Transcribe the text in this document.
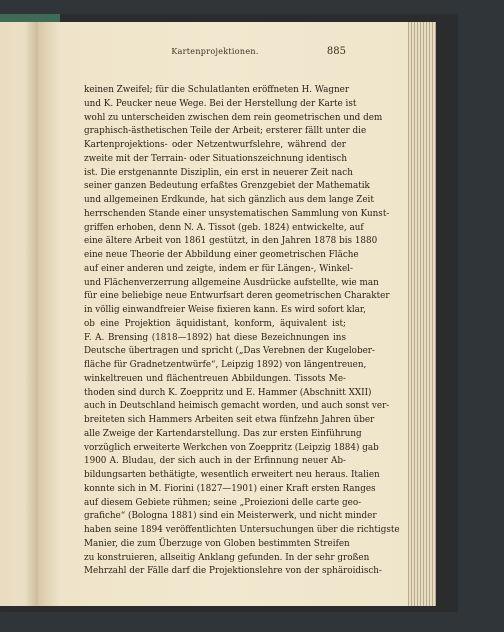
Kartenprojektionen.	885
keinen Zweifel; für die Schulatlanten eröffneten H. Wagner
und K. Peucker neue Wege. Bei der Herstellung der Karte ist
wohl zu unterscheiden zwischen dem rein geometrischen und dem
graphisch-ästhetischen Teile der Arbeit; ersterer fällt unter die
Kartenprojektions- oder Netzentwurfslehre, während der
zweite mit der Terrain- oder Situationszeichnung identisch
ist. Die erstgenannte Disziplin, ein erst in neuerer Zeit nach
seiner ganzen Bedeutung erfaßtes Grenzgebiet der Mathematik
und allgemeinen Erdkunde, hat sich gänzlich aus dem lange Zeit
herrschenden Stande einer unsystematischen Sammlung von Kunst-
griffen erhoben, denn N. A. Tissot (geb. 1824) entwickelte, auf
eine ältere Arbeit von 1861 gestützt, in den Jahren 1878 bis 1880
eine neue Theorie der Abbildung einer geometrischen Fläche
auf einer anderen und zeigte, indem er für Längen-, Winkel-
und Flächenverzerrung allgemeine Ausdrücke aufstellte, wie man
für eine beliebige neue Entwurfsart deren geometrischen Charakter
in völlig einwandfreier Weise fixieren kann. Es wird sofort klar,
ob eine Projektion äquidistant, konform, äquivalent ist;
F. A. Brensing (1818—1892) hat diese Bezeichnungen ins
Deutsche übertragen und spricht („Das Verebnen der Kugelober-
fläche für Gradnetzentwürfe“, Leipzig 1892) von längentreuen,
winkeltreuen und flächentreuen Abbildungen. Tissots Me-
thoden sind durch K. Zoeppritz und E. Hammer (Abschnitt XXII)
auch in Deutschland heimisch gemacht worden, und auch sonst ver-
breiteten sich Hammers Arbeiten seit etwa fünfzehn Jahren über
alle Zweige der Kartendarstellung. Das zur ersten Einführung
vorzüglich erweiterte Werkchen von Zoeppritz (Leipzig 1884) gab
1900 A. Bludau, der sich auch in der Erfinnung neuer Ab-
bildungsarten bethätigte, wesentlich erweitert neu heraus. Italien
konnte sich in M. Fiorini (1827—1901) einer Kraft ersten Ranges
auf diesem Gebiete rühmen; seine „Proiezioni delle carte geo-
grafiche“ (Bologna 1881) sind ein Meisterwerk, und nicht minder
haben seine 1894 veröffentlichten Untersuchungen über die richtigste
Manier, die zum Überzuge von Globen bestimmten Streifen
zu konstruieren, allseitig Anklang gefunden. In der sehr großen
Mehrzahl der Fälle darf die Projektionslehre von der sphäroidisch-
